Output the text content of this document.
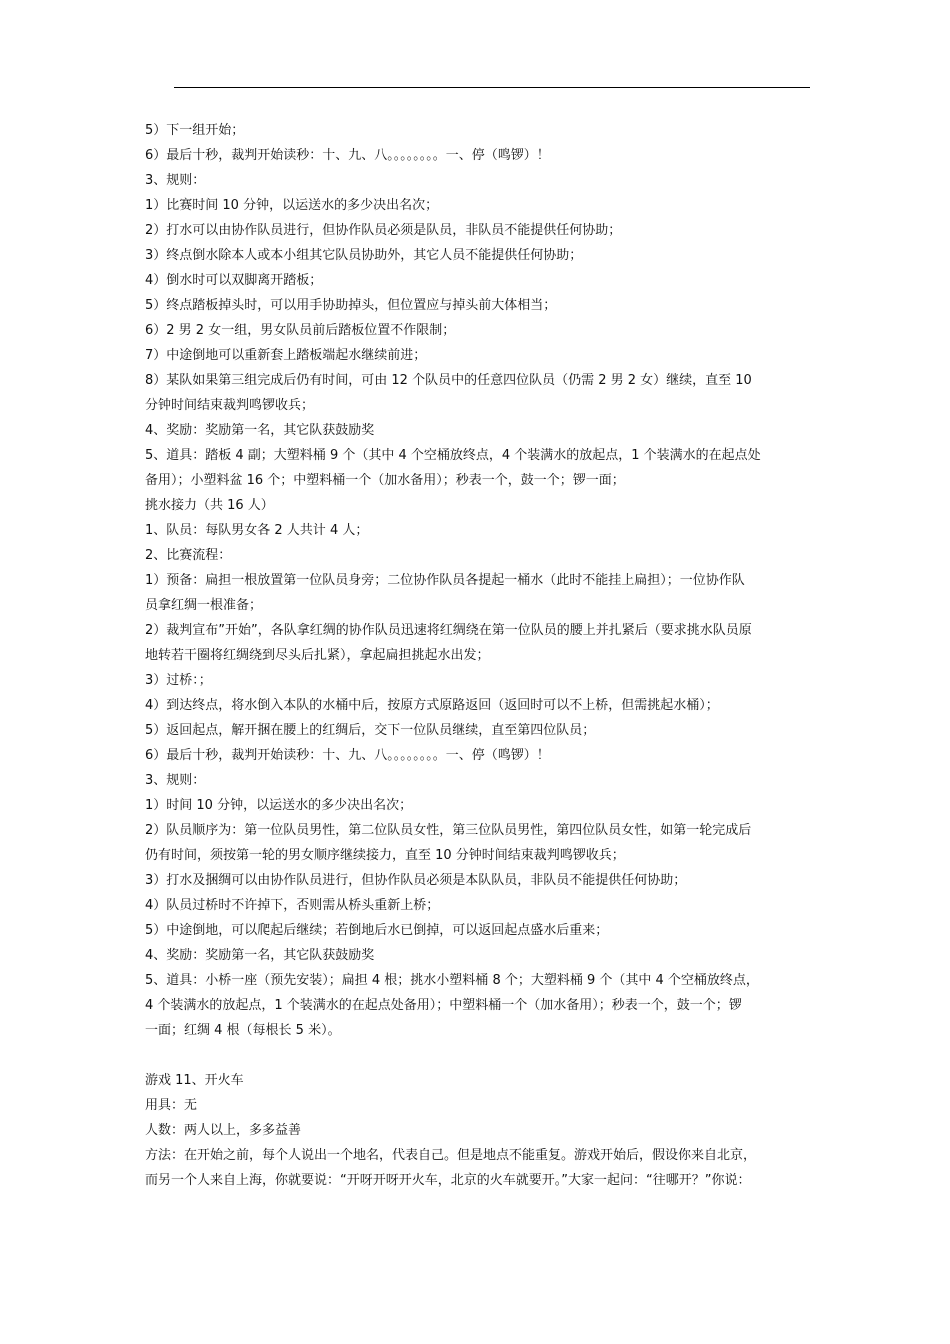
5）下一组开始；
6）最后十秒，裁判开始读秒：十、九、八。。。。。。。。一、停（鸣锣）！
3、规则：
1）比赛时间 10 分钟，以运送水的多少决出名次；
2）打水可以由协作队员进行，但协作队员必须是队员，非队员不能提供任何协助；
3）终点倒水除本人或本小组其它队员协助外，其它人员不能提供任何协助；
4）倒水时可以双脚离开踏板；
5）终点踏板掉头时，可以用手协助掉头，但位置应与掉头前大体相当；
6）2 男 2 女一组，男女队员前后踏板位置不作限制；
7）中途倒地可以重新套上踏板端起水继续前进；
8）某队如果第三组完成后仍有时间，可由 12 个队员中的任意四位队员（仍需 2 男 2 女）继续，直至 10
分钟时间结束裁判鸣锣收兵；
4、奖励：奖励第一名，其它队获鼓励奖
5、道具：踏板 4 副；大塑料桶 9 个（其中 4 个空桶放终点，4 个装满水的放起点，1 个装满水的在起点处
备用）；小塑料盆 16 个；中塑料桶一个（加水备用）；秒表一个，鼓一个；锣一面；
挑水接力（共 16 人）
1、队员：每队男女各 2 人共计 4 人；
2、比赛流程：
1）预备：扁担一根放置第一位队员身旁；二位协作队员各提起一桶水（此时不能挂上扁担）；一位协作队
员拿红绸一根准备；
2）裁判宣布”开始”，各队拿红绸的协作队员迅速将红绸绕在第一位队员的腰上并扎紧后（要求挑水队员原
地转若干圈将红绸绕到尽头后扎紧），拿起扁担挑起水出发；
3）过桥：；
4）到达终点，将水倒入本队的水桶中后，按原方式原路返回（返回时可以不上桥，但需挑起水桶）；
5）返回起点，解开捆在腰上的红绸后，交下一位队员继续，直至第四位队员；
6）最后十秒，裁判开始读秒：十、九、八。。。。。。。。一、停（鸣锣）！
3、规则：
1）时间 10 分钟，以运送水的多少决出名次；
2）队员顺序为：第一位队员男性，第二位队员女性，第三位队员男性，第四位队员女性，如第一轮完成后
仍有时间，须按第一轮的男女顺序继续接力，直至 10 分钟时间结束裁判鸣锣收兵；
3）打水及捆绸可以由协作队员进行，但协作队员必须是本队队员，非队员不能提供任何协助；
4）队员过桥时不许掉下，否则需从桥头重新上桥；
5）中途倒地，可以爬起后继续；若倒地后水已倒掉，可以返回起点盛水后重来；
4、奖励：奖励第一名，其它队获鼓励奖
5、道具：小桥一座（预先安装）；扁担 4 根；挑水小塑料桶 8 个；大塑料桶 9 个（其中 4 个空桶放终点，
4 个装满水的放起点，1 个装满水的在起点处备用）；中塑料桶一个（加水备用）；秒表一个，鼓一个；锣
一面；红绸 4 根（每根长 5 米）。
游戏 11、开火车
用具：无
人数：两人以上，多多益善
方法：在开始之前，每个人说出一个地名，代表自己。但是地点不能重复。游戏开始后，假设你来自北京，
而另一个人来自上海，你就要说：“开呀开呀开火车，北京的火车就要开。”大家一起问：“往哪开？”你说：
